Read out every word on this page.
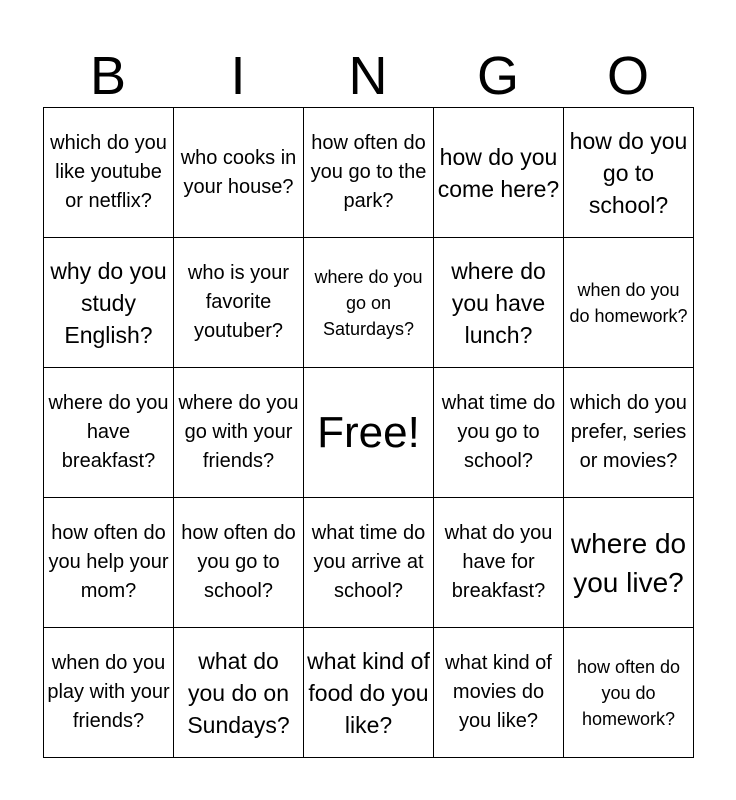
B	I	N	G	O
which do you like youtube or netflix?	who cooks in your house?	how often do you go to the park?	how do you come here?	how do you go to school?

why do you study English?	who is your favorite youtuber?	where do you go on Saturdays?	where do you have lunch?	when do you do homework?

where do you have breakfast?	where do you go with your friends?	Free!	what time do you go to school?	which do you prefer, series or movies?

how often do you help your mom?	how often do you go to school?	what time do you arrive at school?	what do you have for breakfast?	where do you live?

when do you play with your friends?	what do you do on Sundays?	what kind of food do you like?	what kind of movies do you like?	how often do you do homework?
